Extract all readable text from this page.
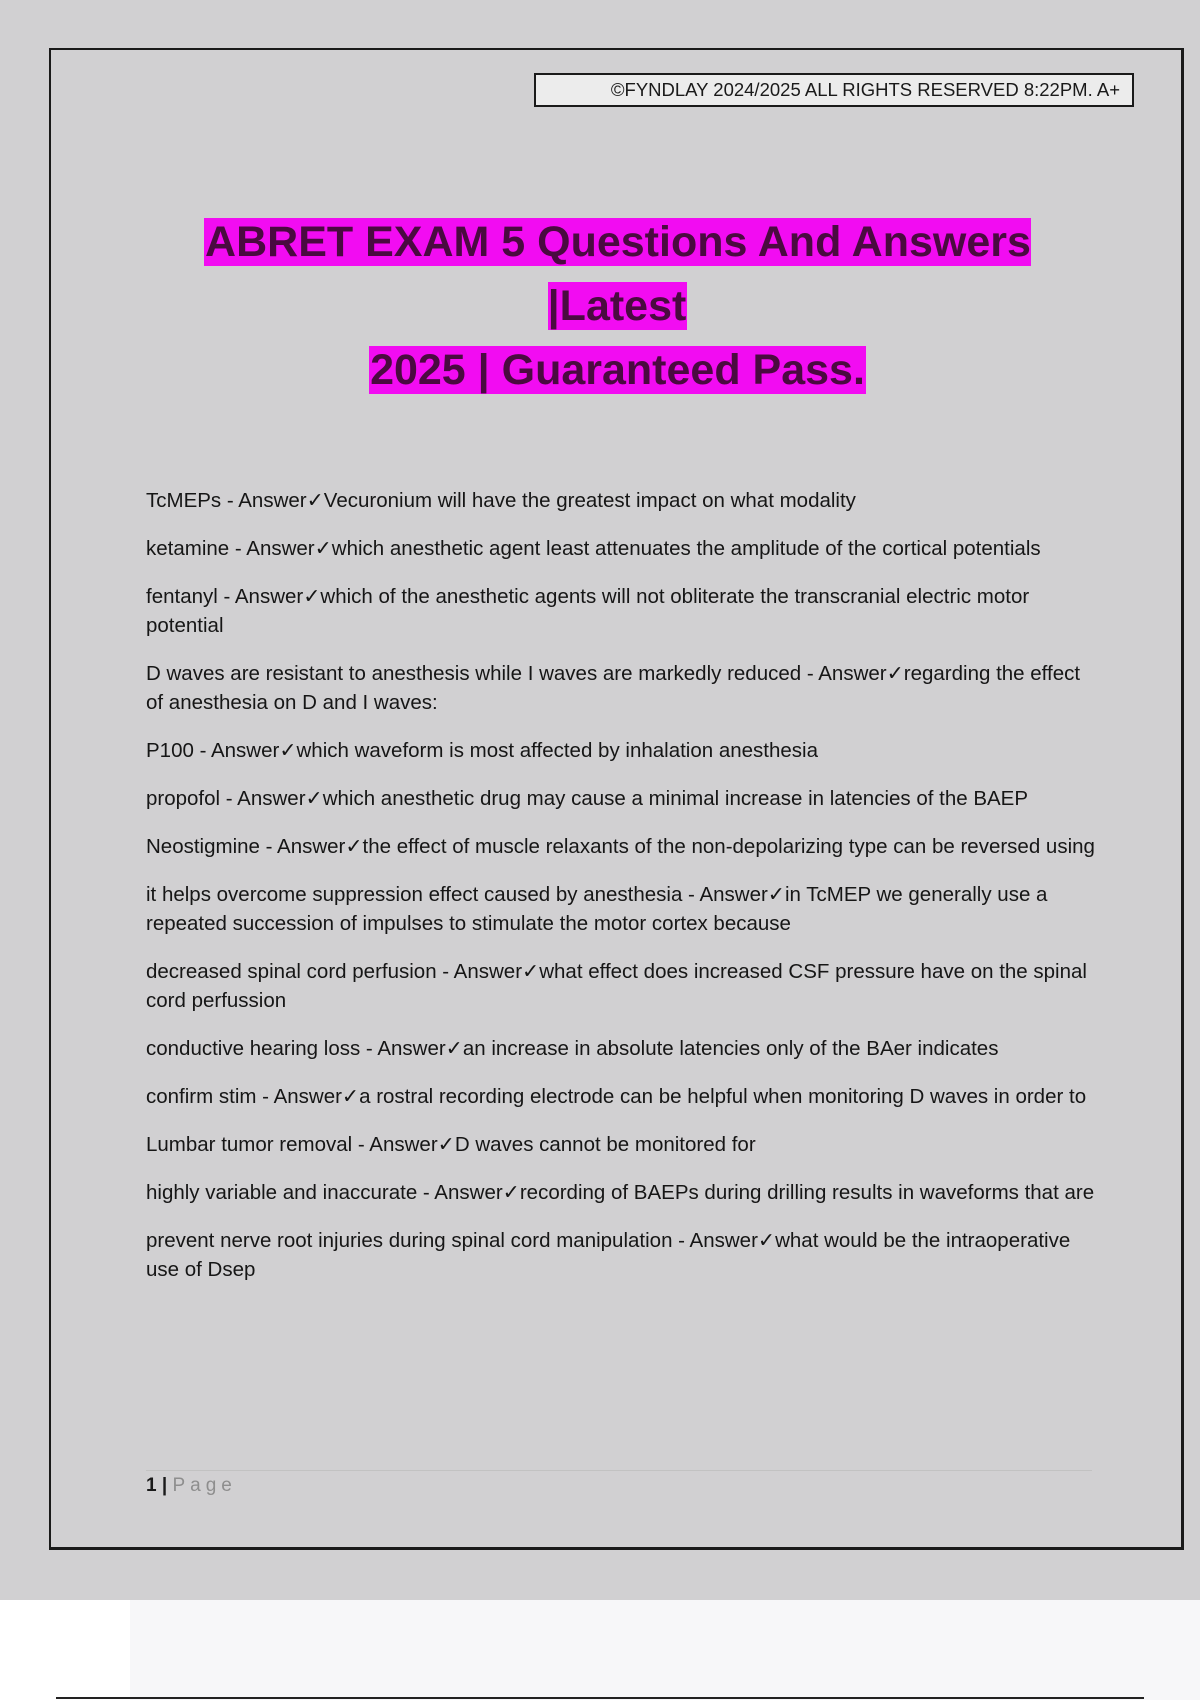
©FYNDLAY 2024/2025 ALL RIGHTS RESERVED 8:22PM. A+
ABRET EXAM 5 Questions And Answers |Latest
2025 | Guaranteed Pass.

TcMEPs - Answer✓Vecuronium will have the greatest impact on what modality

ketamine - Answer✓which anesthetic agent least attenuates the amplitude of the cortical potentials

fentanyl - Answer✓which of the anesthetic agents will not obliterate the transcranial electric motor potential

D waves are resistant to anesthesis while I waves are markedly reduced - Answer✓regarding the effect of anesthesia on D and I waves:

P100 - Answer✓which waveform is most affected by inhalation anesthesia

propofol - Answer✓which anesthetic drug may cause a minimal increase in latencies of the BAEP

Neostigmine - Answer✓the effect of muscle relaxants of the non-depolarizing type can be reversed using

it helps overcome suppression effect caused by anesthesia - Answer✓in TcMEP we generally use a repeated succession of impulses to stimulate the motor cortex because

decreased spinal cord perfusion - Answer✓what effect does increased CSF pressure have on the spinal cord perfussion

conductive hearing loss - Answer✓an increase in absolute latencies only of the BAer indicates

confirm stim - Answer✓a rostral recording electrode can be helpful when monitoring D waves in order to

Lumbar tumor removal - Answer✓D waves cannot be monitored for

highly variable and inaccurate - Answer✓recording of BAEPs during drilling results in waveforms that are

prevent nerve root injuries during spinal cord manipulation - Answer✓what would be the intraoperative use of Dsep

1 | Page
